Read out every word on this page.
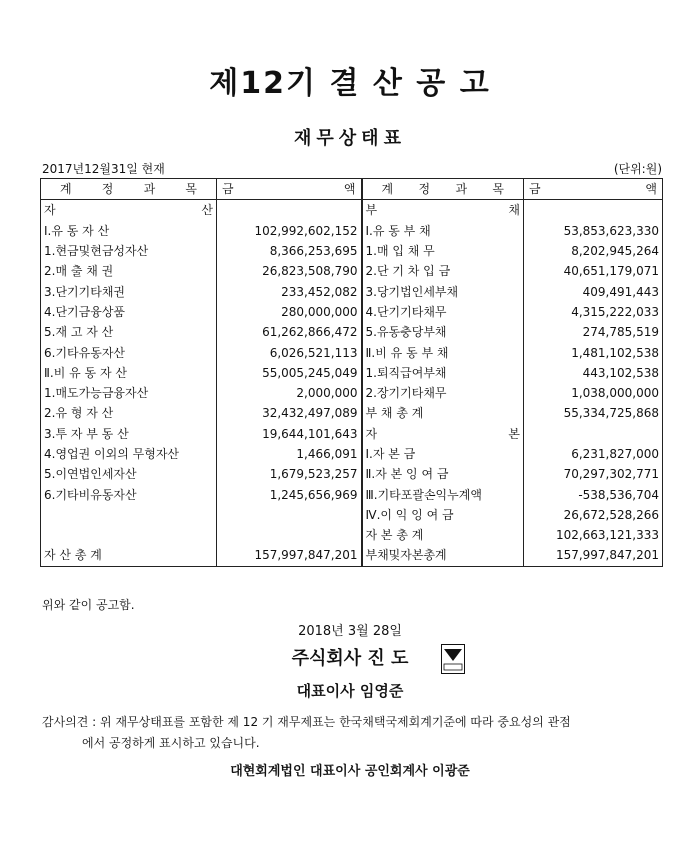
제12기 결 산 공 고
재무상태표
2017년12월31일 현재	(단위:원)
계 정 과 목	금 액	계 정 과 목	금 액

자 산		부 채	

Ⅰ.유 동 자 산	102,992,602,152	Ⅰ.유 동 부 채	53,853,623,330
1.현금및현금성자산	8,366,253,695	1.매 입 채 무	8,202,945,264
2.매 출 채 권	26,823,508,790	2.단 기 차 입 금	40,651,179,071
3.단기기타채권	233,452,082	3.당기법인세부채	409,491,443
4.단기금융상품	280,000,000	4.단기기타채무	4,315,222,033
5.재 고 자 산	61,262,866,472	5.유동충당부채	274,785,519
6.기타유동자산	6,026,521,113	Ⅱ.비 유 동 부 채	1,481,102,538
Ⅱ.비 유 동 자 산	55,005,245,049	1.퇴직급여부채	443,102,538
1.매도가능금융자산	2,000,000	2.장기기타채무	1,038,000,000
2.유 형 자 산	32,432,497,089	부 채 총 계	55,334,725,868
3.투 자 부 동 산	19,644,101,643	자 본	

4.영업권 이외의 무형자산	1,466,091	Ⅰ.자 본 금	6,231,827,000
5.이연법인세자산	1,679,523,257	Ⅱ.자 본 잉 여 금	70,297,302,771
6.기타비유동자산	1,245,656,969	Ⅲ.기타포괄손익누계액	-538,536,704
		Ⅳ.이 익 잉 여 금	26,672,528,266
		자 본 총 계	102,663,121,333
자 산 총 계	157,997,847,201	부채및자본총계	157,997,847,201
위와 같이 공고함.
2018년 3월 28일
주식회사 진 도
대표이사 임영준
감사의견 : 위 재무상태표를 포함한 제 12 기 재무제표는 한국채택국제회계기준에 따라 중요성의 관점
에서 공정하게 표시하고 있습니다.
대현회계법인 대표이사 공인회계사 이광준
